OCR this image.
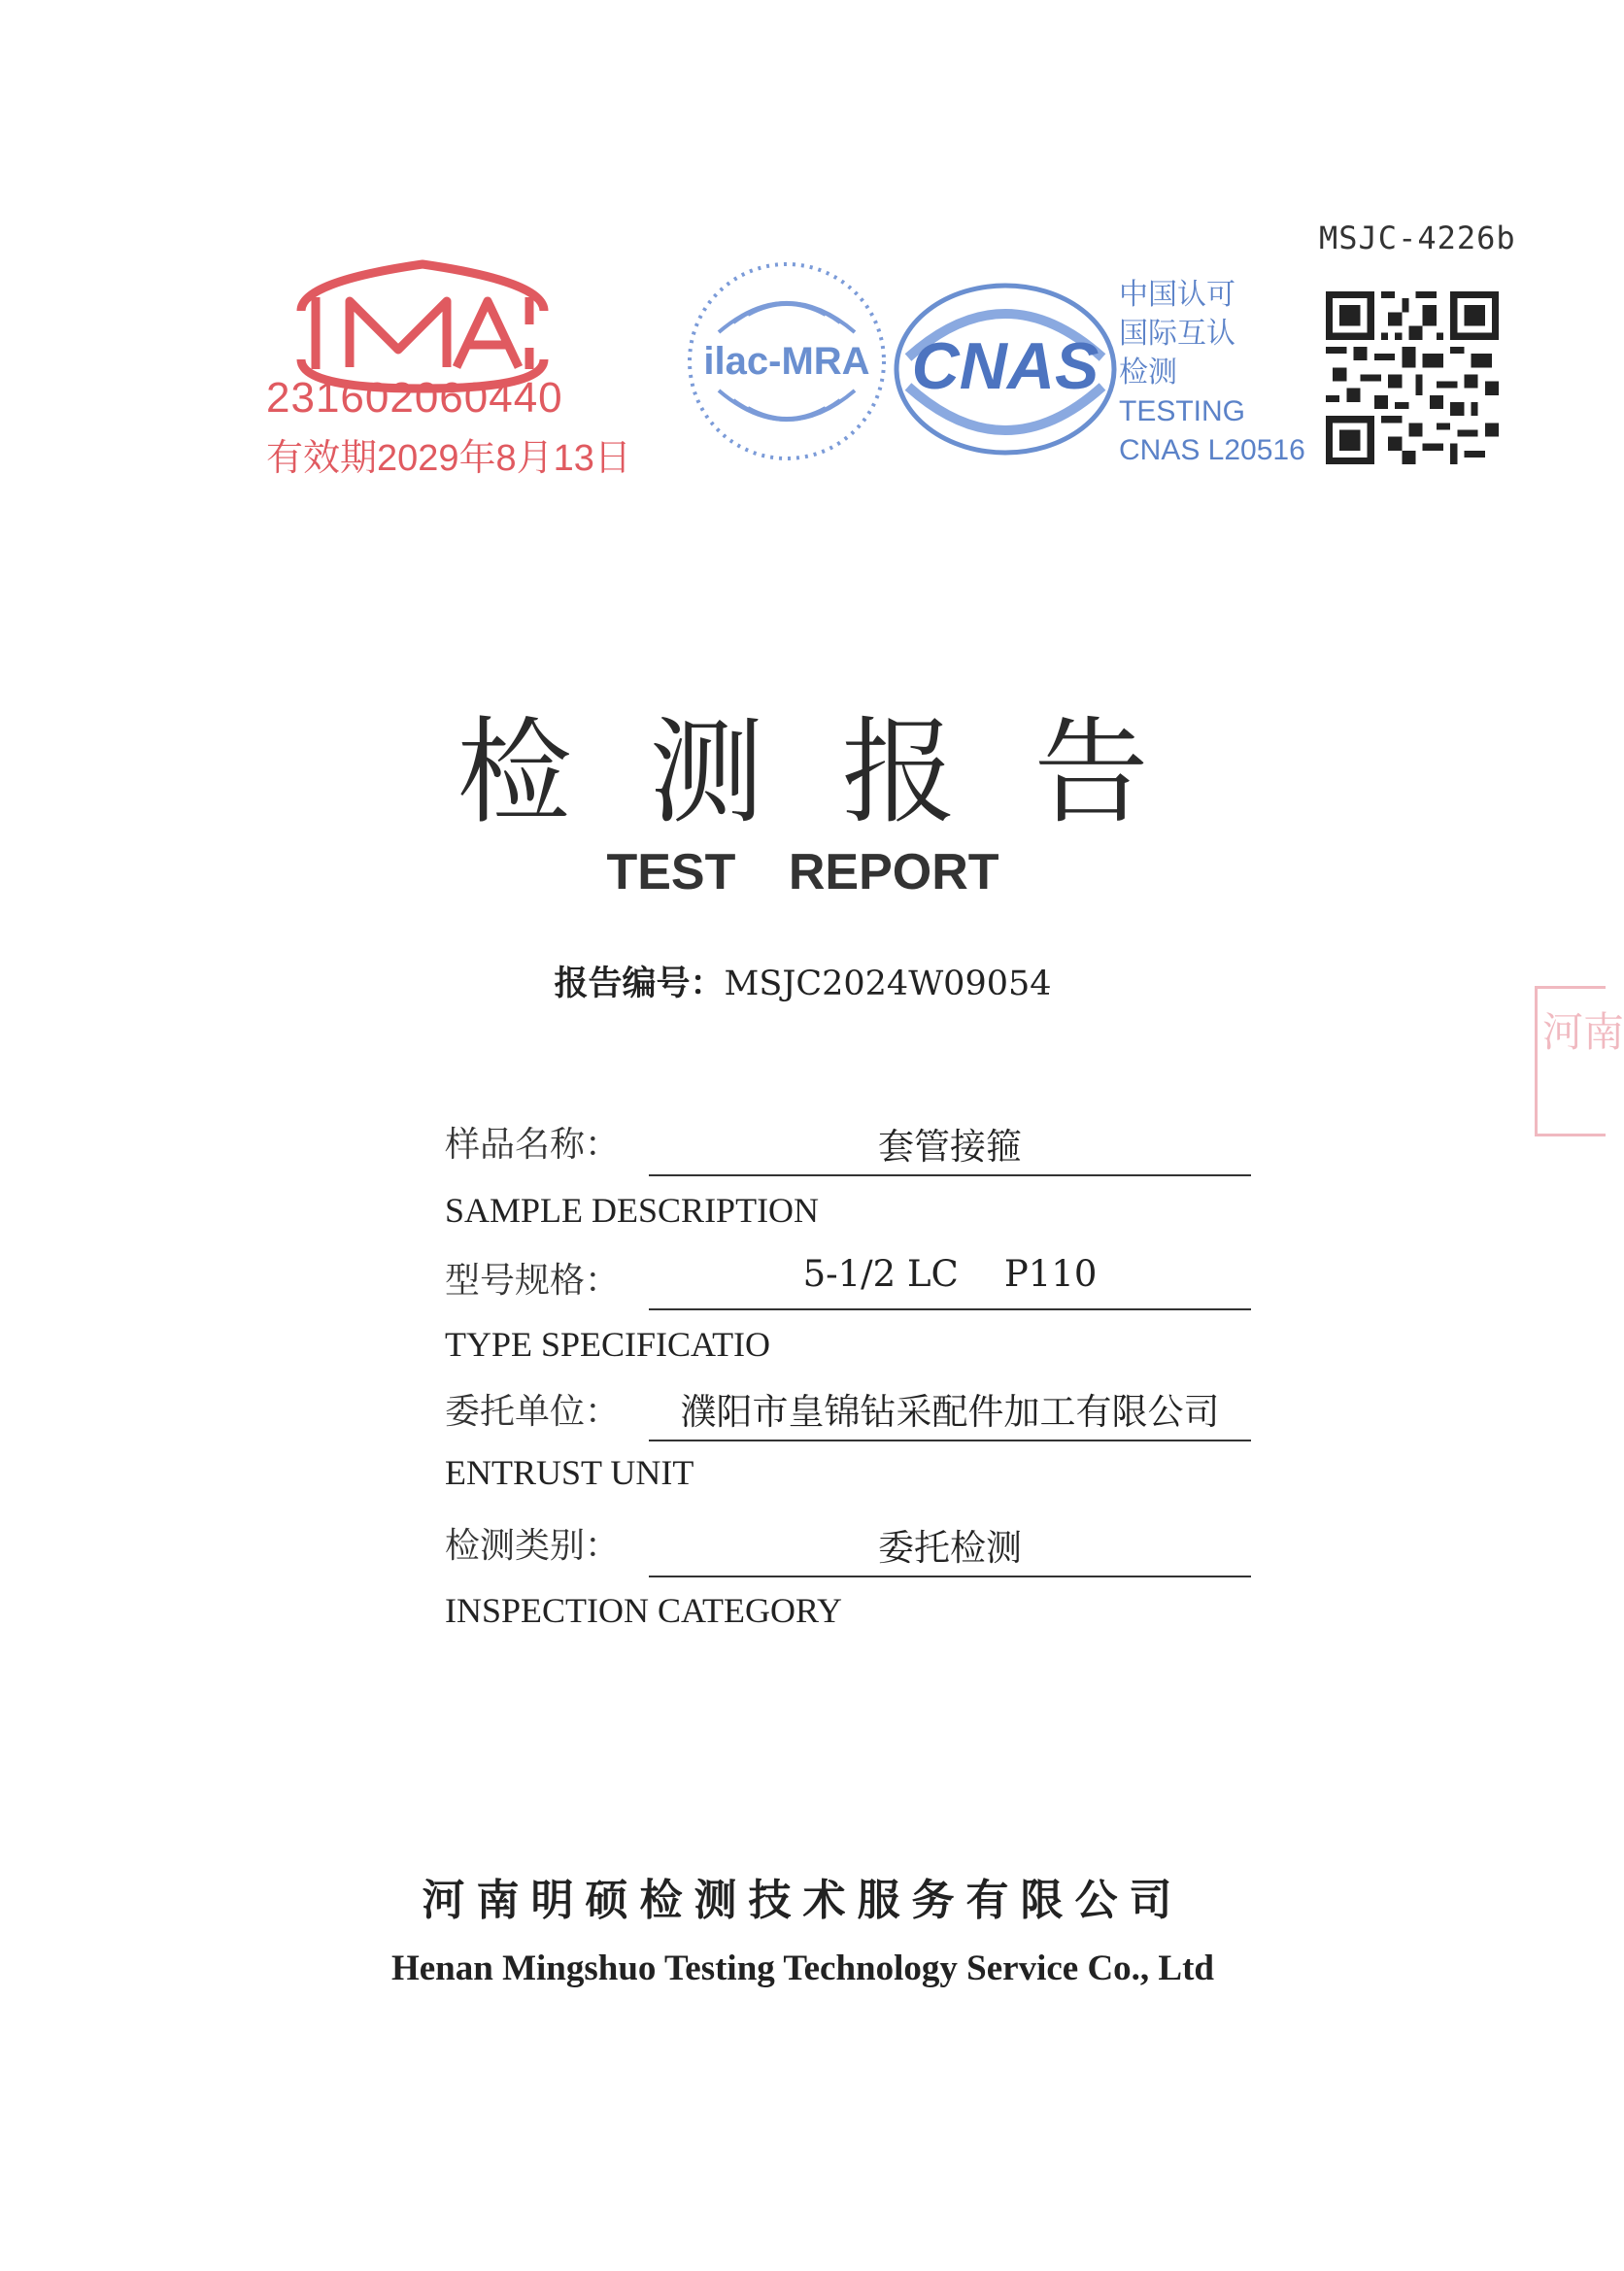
MSJC-4226b
231602060440
有效期2029年8月13日
ilac-MRA CNAS
中国认可
国际互认
检测
TESTING
CNAS L20516
河南
检测报告
TEST REPORT
报告编号：MSJC2024W09054
样品名称：	套管接箍
SAMPLE DESCRIPTION
型号规格：	5-1/2 LC    P110
TYPE SPECIFICATIO
委托单位：	濮阳市皇锦钻采配件加工有限公司
ENTRUST UNIT
检测类别：	委托检测
INSPECTION CATEGORY
河南明硕检测技术服务有限公司
Henan Mingshuo Testing Technology Service Co., Ltd
